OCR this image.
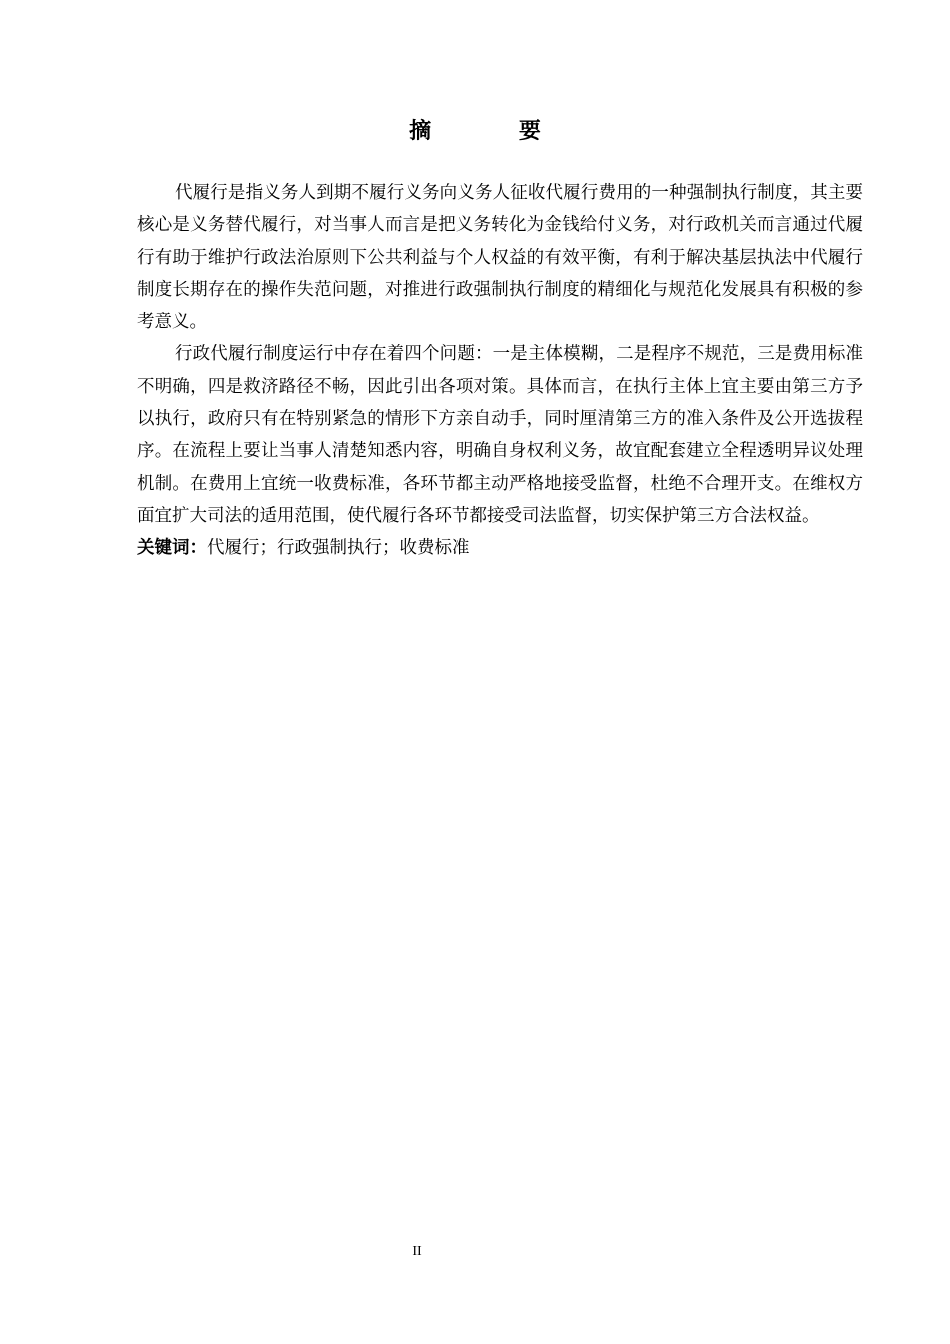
摘 要

代履行是指义务人到期不履行义务向义务人征收代履行费用的一种强制执行制度，其主要核心是义务替代履行，对当事人而言是把义务转化为金钱给付义务，对行政机关而言通过代履行有助于维护行政法治原则下公共利益与个人权益的有效平衡，有利于解决基层执法中代履行制度长期存在的操作失范问题，对推进行政强制执行制度的精细化与规范化发展具有积极的参考意义。

行政代履行制度运行中存在着四个问题：一是主体模糊，二是程序不规范，三是费用标准不明确，四是救济路径不畅，因此引出各项对策。具体而言，在执行主体上宜主要由第三方予以执行，政府只有在特别紧急的情形下方亲自动手，同时厘清第三方的准入条件及公开选拔程序。在流程上要让当事人清楚知悉内容，明确自身权利义务，故宜配套建立全程透明异议处理机制。在费用上宜统一收费标准，各环节都主动严格地接受监督，杜绝不合理开支。在维权方面宜扩大司法的适用范围，使代履行各环节都接受司法监督，切实保护第三方合法权益。

关键词：代履行；行政强制执行；收费标准

II
